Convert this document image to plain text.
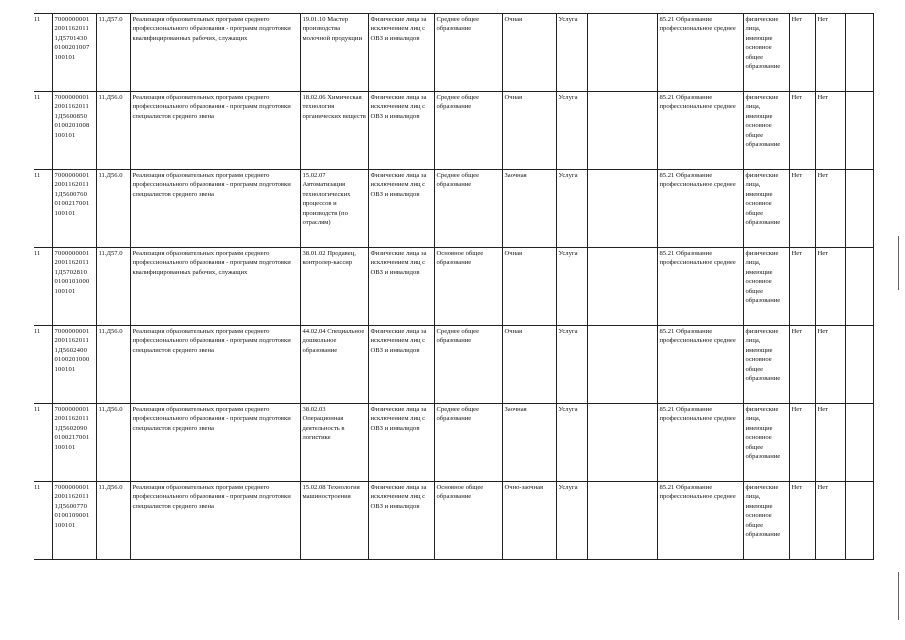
11	7000000001 2001162011 1Д5701430 0100201007 100101	11.Д57.0	Реализация образовательных программ среднего профессионального образования - программ подготовки квалифицированных рабочих, служащих	19.01.10 Мастер производства молочной продукции	Физические лица за исключением лиц с ОВЗ и инвалидов	Среднее общее образование	Очная	Услуга		85.21 Образование профессиональное среднее	физические лица, имеющие основное общее образование	Нет	Нет	
11	7000000001 2001162011 1Д5600850 0100201008 100101	11.Д56.0	Реализация образовательных программ среднего профессионального образования - программ подготовки специалистов среднего звена	18.02.06 Химическая технология органических веществ	Физические лица за исключением лиц с ОВЗ и инвалидов	Среднее общее образование	Очная	Услуга		85.21 Образование профессиональное среднее	физические лица, имеющие основное общее образование	Нет	Нет	
11	7000000001 2001162011 1Д5600760 0100217001 100101	11.Д56.0	Реализация образовательных программ среднего профессионального образования - программ подготовки специалистов среднего звена	15.02.07 Автоматизация технологических процессов и производств (по отраслям)	Физические лица за исключением лиц с ОВЗ и инвалидов	Среднее общее образование	Заочная	Услуга		85.21 Образование профессиональное среднее	физические лица, имеющие основное общее образование	Нет	Нет	
11	7000000001 2001162011 1Д5702810 0100101000 100101	11.Д57.0	Реализация образовательных программ среднего профессионального образования - программ подготовки квалифицированных рабочих, служащих	38.01.02 Продавец, контролер-кассир	Физические лица за исключением лиц с ОВЗ и инвалидов	Основное общее образование	Очная	Услуга		85.21 Образование профессиональное среднее	физические лица, имеющие основное общее образование	Нет	Нет	
11	7000000001 2001162011 1Д5602400 0100201000 100101	11.Д56.0	Реализация образовательных программ среднего профессионального образования - программ подготовки специалистов среднего звена	44.02.04 Специальное дошкольное образование	Физические лица за исключением лиц с ОВЗ и инвалидов	Среднее общее образование	Очная	Услуга		85.21 Образование профессиональное среднее	физические лица, имеющие основное общее образование	Нет	Нет	
11	7000000001 2001162011 1Д5602090 0100217001 100101	11.Д56.0	Реализация образовательных программ среднего профессионального образования - программ подготовки специалистов среднего звена	38.02.03 Операционная деятельность в логистике	Физические лица за исключением лиц с ОВЗ и инвалидов	Среднее общее образование	Заочная	Услуга		85.21 Образование профессиональное среднее	физические лица, имеющие основное общее образование	Нет	Нет	
11	7000000001 2001162011 1Д5600770 0100109001 100101	11.Д56.0	Реализация образовательных программ среднего профессионального образования - программ подготовки специалистов среднего звена	15.02.08 Технология машиностроения	Физические лица за исключением лиц с ОВЗ и инвалидов	Основное общее образование	Очно-заочная	Услуга		85.21 Образование профессиональное среднее	физические лица, имеющие основное общее образование	Нет	Нет	
